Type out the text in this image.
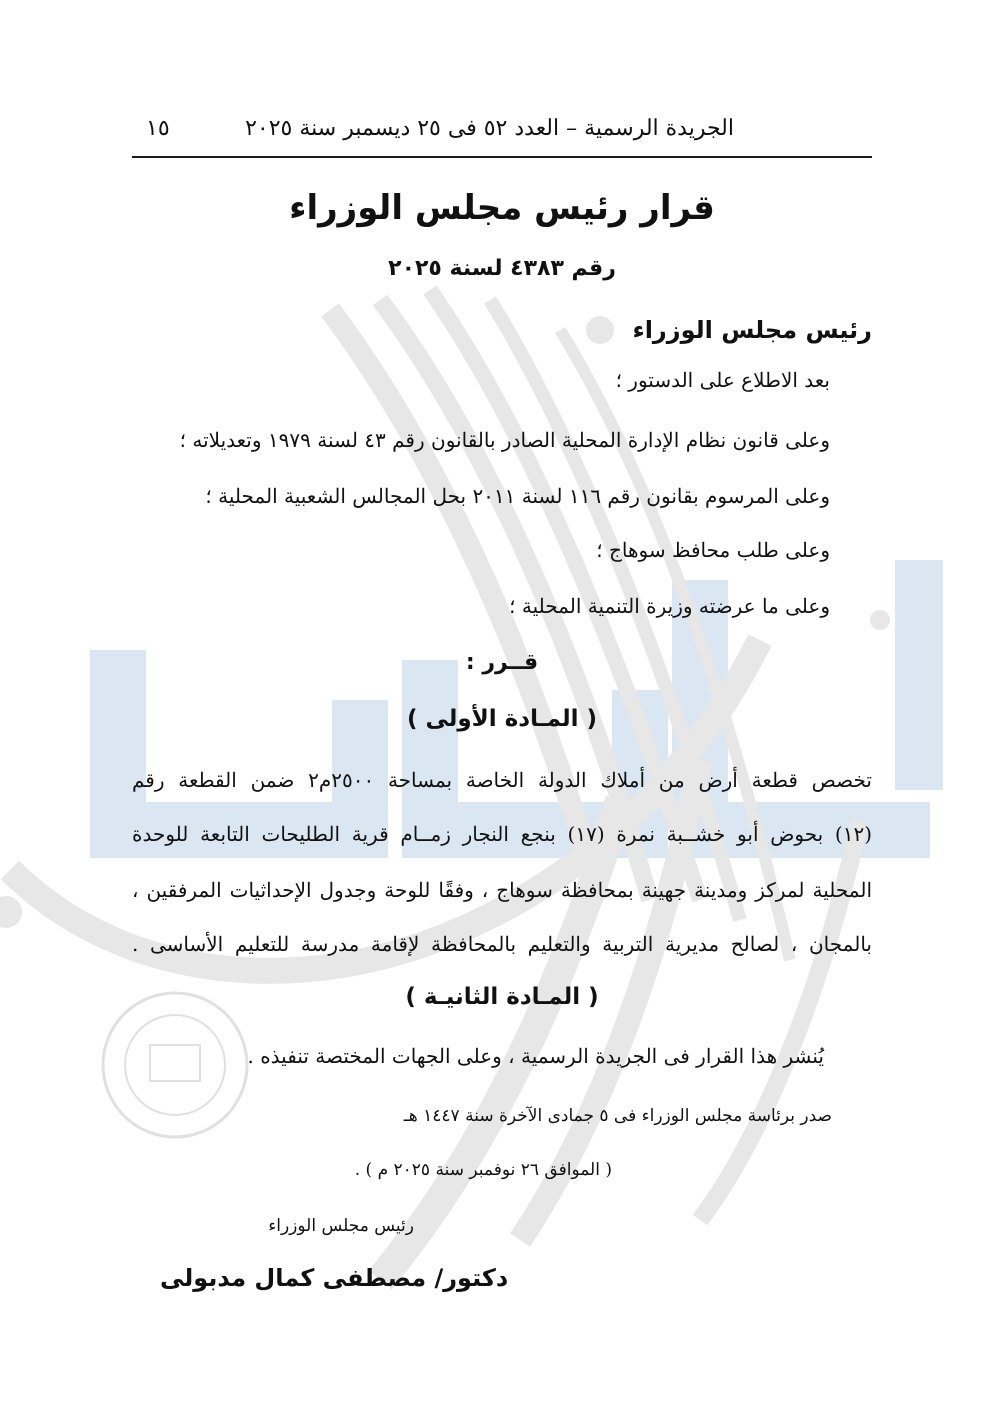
الجريدة الرسمية – العدد ٥٢ فى ٢٥ ديسمبر سنة ٢٠٢٥
١٥
قرار رئيس مجلس الوزراء
رقم ٤٣٨٣ لسنة ٢٠٢٥
رئيس مجلس الوزراء
بعد الاطلاع على الدستور ؛
وعلى قانون نظام الإدارة المحلية الصادر بالقانون رقم ٤٣ لسنة ١٩٧٩ وتعديلاته ؛
وعلى المرسوم بقانون رقم ١١٦ لسنة ٢٠١١ بحل المجالس الشعبية المحلية ؛
وعلى طلب محافظ سوهاج ؛
وعلى ما عرضته وزيرة التنمية المحلية ؛
قــرر :
( المـادة الأولى )
تخصص قطعة أرض من أملاك الدولة الخاصة بمساحة ٢٥٠٠م٢ ضمن القطعة رقم
(١٢) بحوض أبو خشــبة نمرة (١٧) بنجع النجار زمــام قرية الطليحات التابعة للوحدة
المحلية لمركز ومدينة جهينة بمحافظة سوهاج ، وفقًا للوحة وجدول الإحداثيات المرفقين ،
بالمجان ، لصالح مديرية التربية والتعليم بالمحافظة لإقامة مدرسة للتعليم الأساسى .
( المـادة الثانيـة )
يُنشر هذا القرار فى الجريدة الرسمية ، وعلى الجهات المختصة تنفيذه .
صدر برئاسة مجلس الوزراء فى ٥ جمادى الآخرة سنة ١٤٤٧ هـ
( الموافق ٢٦ نوفمبر سنة ٢٠٢٥ م ) .
رئيس مجلس الوزراء
دكتور/ مصطفى كمال مدبولى
